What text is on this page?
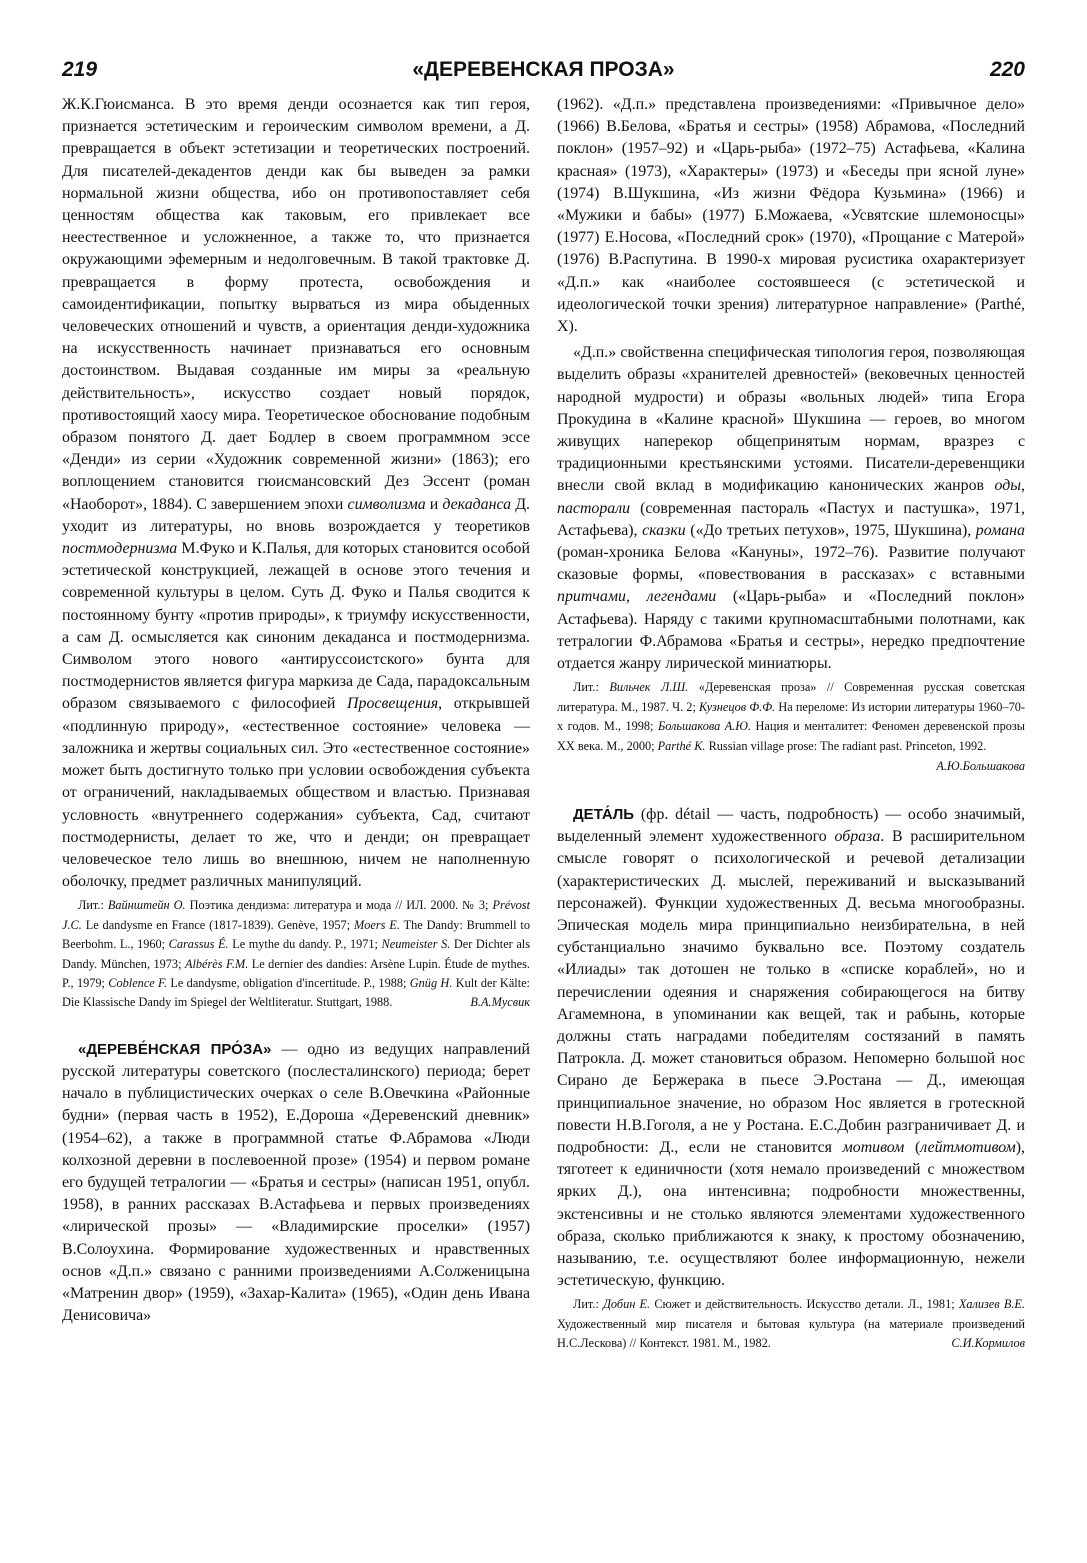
219	«ДЕРЕВЕНСКАЯ ПРОЗА»	220

Ж.К.Гюисманса. В это время денди осознается как тип героя, признается эстетическим и героическим символом времени, а Д. превращается в объект эстетизации и теоретических построений. Для писателей-декадентов денди как бы выведен за рамки нормальной жизни общества, ибо он противопоставляет себя ценностям общества как таковым, его привлекает все неестественное и усложненное, а также то, что признается окружающими эфемерным и недолговечным. В такой трактовке Д. превращается в форму протеста, освобождения и самоидентификации, попытку вырваться из мира обыденных человеческих отношений и чувств, а ориентация денди-художника на искусственность начинает признаваться его основным достоинством. Выдавая созданные им миры за «реальную действительность», искусство создает новый порядок, противостоящий хаосу мира. Теоретическое обоснование подобным образом понятого Д. дает Бодлер в своем программном эссе «Денди» из серии «Художник современной жизни» (1863); его воплощением становится гюисмансовский Дез Эссент (роман «Наоборот», 1884). С завершением эпохи символизма и декаданса Д. уходит из литературы, но вновь возрождается у теоретиков постмодернизма М.Фуко и К.Палья, для которых становится особой эстетической конструкцией, лежащей в основе этого течения и современной культуры в целом. Суть Д. Фуко и Палья сводится к постоянному бунту «против природы», к триумфу искусственности, а сам Д. осмысляется как синоним декаданса и постмодернизма. Символом этого нового «антируссоистского» бунта для постмодернистов является фигура маркиза де Сада, парадоксальным образом связываемого с философией Просвещения, открывшей «подлинную природу», «естественное состояние» человека — заложника и жертвы социальных сил. Это «естественное состояние» может быть достигнуто только при условии освобождения субъекта от ограничений, накладываемых обществом и властью. Признавая условность «внутреннего содержания» субъекта, Сад, считают постмодернисты, делает то же, что и денди; он превращает человеческое тело лишь во внешнюю, ничем не наполненную оболочку, предмет различных манипуляций.

Лит.: Вайнштейн О. Поэтика дендизма: литература и мода // ИЛ. 2000. № 3; Prévost J.C. Le dandysme en France (1817-1839). Genève, 1957; Moers E. The Dandy: Brummell to Beerbohm. L., 1960; Carassus É. Le mythe du dandy. P., 1971; Neumeister S. Der Dichter als Dandy. München, 1973; Albérès F.M. Le dernier des dandies: Arsène Lupin. Étude de mythes. P., 1979; Coblence F. Le dandysme, obligation d'incertitude. P., 1988; Gnüg H. Kult der Kälte: Die Klassische Dandy im Spiegel der Weltliteratur. Stuttgart, 1988.	В.А.Мусвик

«ДЕРЕВЕ́НСКАЯ ПРО́ЗА» — одно из ведущих направлений русской литературы советского (послесталинского) периода; берет начало в публицистических очерках о селе В.Овечкина «Районные будни» (первая часть в 1952), Е.Дороша «Деревенский дневник» (1954–62), а также в программной статье Ф.Абрамова «Люди колхозной деревни в послевоенной прозе» (1954) и первом романе его будущей тетралогии — «Братья и сестры» (написан 1951, опубл. 1958), в ранних рассказах В.Астафьева и первых произведениях «лирической прозы» — «Владимирские проселки» (1957) В.Солоухина. Формирование художественных и нравственных основ «Д.п.» связано с ранними произведениями А.Солженицына «Матренин двор» (1959), «Захар-Калита» (1965), «Один день Ивана Денисовича»

(1962). «Д.п.» представлена произведениями: «Привычное дело» (1966) В.Белова, «Братья и сестры» (1958) Абрамова, «Последний поклон» (1957–92) и «Царь-рыба» (1972–75) Астафьева, «Калина красная» (1973), «Характеры» (1973) и «Беседы при ясной луне» (1974) В.Шукшина, «Из жизни Фёдора Кузьмина» (1966) и «Мужики и бабы» (1977) Б.Можаева, «Усвятские шлемоносцы» (1977) Е.Носова, «Последний срок» (1970), «Прощание с Матерой» (1976) В.Распутина. В 1990-х мировая русистика охарактеризует «Д.п.» как «наиболее состоявшееся (с эстетической и идеологической точки зрения) литературное направление» (Parthé, X).

«Д.п.» свойственна специфическая типология героя, позволяющая выделить образы «хранителей древностей» (вековечных ценностей народной мудрости) и образы «вольных людей» типа Егора Прокудина в «Калине красной» Шукшина — героев, во многом живущих наперекор общепринятым нормам, вразрез с традиционными крестьянскими устоями. Писатели-деревенщики внесли свой вклад в модификацию канонических жанров оды, пасторали (современная пастораль «Пастух и пастушка», 1971, Астафьева), сказки («До третьих петухов», 1975, Шукшина), романа (роман-хроника Белова «Кануны», 1972–76). Развитие получают сказовые формы, «повествования в рассказах» с вставными притчами, легендами («Царь-рыба» и «Последний поклон» Астафьева). Наряду с такими крупномасштабными полотнами, как тетралогии Ф.Абрамова «Братья и сестры», нередко предпочтение отдается жанру лирической миниатюры.

Лит.: Вильчек Л.Ш. «Деревенская проза» // Современная русская советская литература. М., 1987. Ч. 2; Кузнецов Ф.Ф. На переломе: Из истории литературы 1960–70-х годов. М., 1998; Большакова А.Ю. Нация и менталитет: Феномен деревенской прозы XX века. М., 2000; Parthé K. Russian village prose: The radiant past. Princeton, 1992.

А.Ю.Большакова

ДЕТА́ЛЬ (фр. détail — часть, подробность) — особо значимый, выделенный элемент художественного образа. В расширительном смысле говорят о психологической и речевой детализации (характеристических Д. мыслей, переживаний и высказываний персонажей). Функции художественных Д. весьма многообразны. Эпическая модель мира принципиально неизбирательна, в ней субстанциально значимо буквально все. Поэтому создатель «Илиады» так дотошен не только в «списке кораблей», но и перечислении одеяния и снаряжения собирающегося на битву Агамемнона, в упоминании как вещей, так и рабынь, которые должны стать наградами победителям состязаний в память Патрокла. Д. может становиться образом. Непомерно большой нос Сирано де Бержерака в пьесе Э.Ростана — Д., имеющая принципиальное значение, но образом Нос является в гротескной повести Н.В.Гоголя, а не у Ростана. Е.С.Добин разграничивает Д. и подробности: Д., если не становится мотивом (лейтмотивом), тяготеет к единичности (хотя немало произведений с множеством ярких Д.), она интенсивна; подробности множественны, экстенсивны и не столько являются элементами художественного образа, сколько приближаются к знаку, к простому обозначению, называнию, т.е. осуществляют более информационную, нежели эстетическую, функцию.

Лит.: Добин Е. Сюжет и действительность. Искусство детали. Л., 1981; Хализев В.Е. Художественный мир писателя и бытовая культура (на материале произведений Н.С.Лескова) // Контекст. 1981. М., 1982.	С.И.Кормилов
